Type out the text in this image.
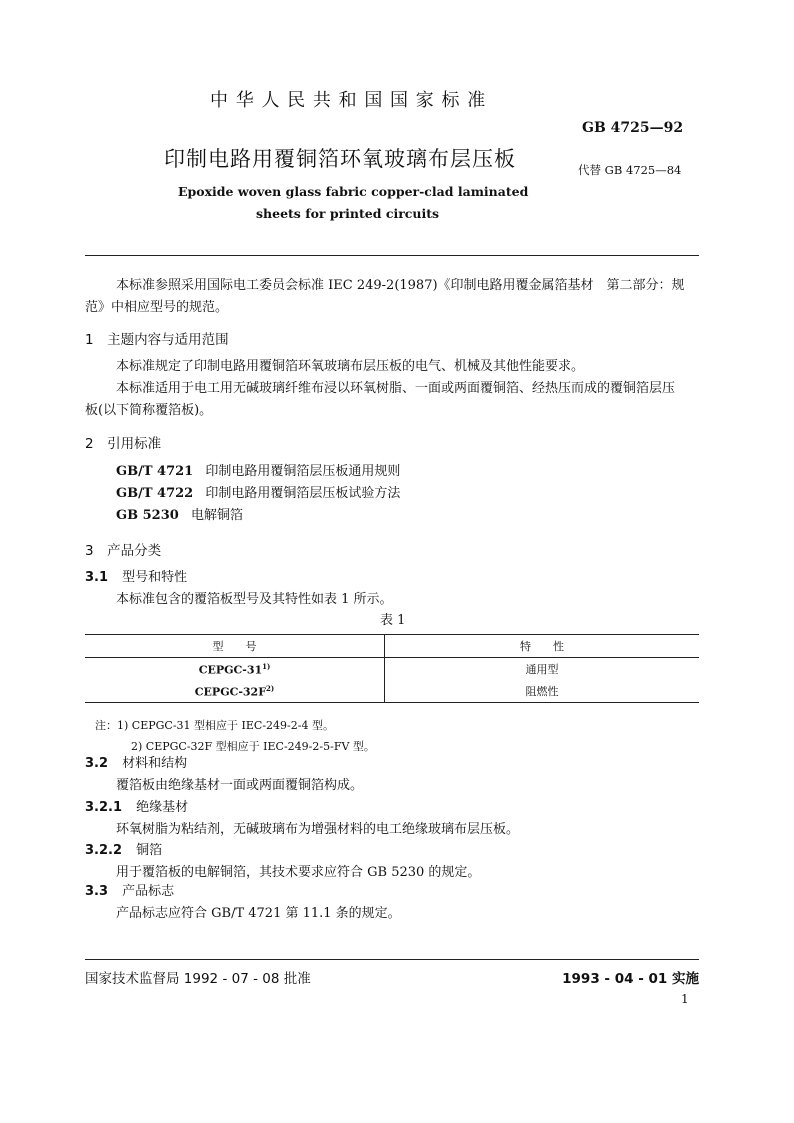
中 华 人 民 共 和 国 国 家 标 准
GB 4725—92
印制电路用覆铜箔环氧玻璃布层压板	代替 GB 4725—84
Epoxide woven glass fabric copper-clad laminated
sheets for printed circuits
本标准参照采用国际电工委员会标准 IEC 249-2(1987)《印制电路用覆金属箔基材　第二部分：规
范》中相应型号的规范。
1　主题内容与适用范围
本标准规定了印制电路用覆铜箔环氧玻璃布层压板的电气、机械及其他性能要求。
本标准适用于电工用无碱玻璃纤维布浸以环氧树脂、一面或两面覆铜箔、经热压而成的覆铜箔层压
板(以下简称覆箔板)。
2　引用标准
GB/T 4721 印制电路用覆铜箔层压板通用规则
GB/T 4722 印制电路用覆铜箔层压板试验方法
GB 5230 电解铜箔
3　产品分类
3.1 型号和特性
本标准包含的覆箔板型号及其特性如表 1 所示。
表 1
型　　号	特　　性
CEPGC-31$^{1)}$	通用型
CEPGC-$32F^{2)}$	阻燃性
注：1) CEPGC-31 型相应于 IEC-249-2-4 型。
2) CEPGC-32F 型相应于 IEC-249-2-5-FV 型。
3.2 材料和结构
覆箔板由绝缘基材一面或两面覆铜箔构成。
3.2.1 绝缘基材
环氧树脂为粘结剂，无碱玻璃布为增强材料的电工绝缘玻璃布层压板。
3.2.2 铜箔
用于覆箔板的电解铜箔，其技术要求应符合 GB 5230 的规定。
3.3 产品标志
产品标志应符合 GB/T 4721 第 11.1 条的规定。
国家技术监督局 1992 - 07 - 08 批准	1993 - 04 - 01 实施
1
